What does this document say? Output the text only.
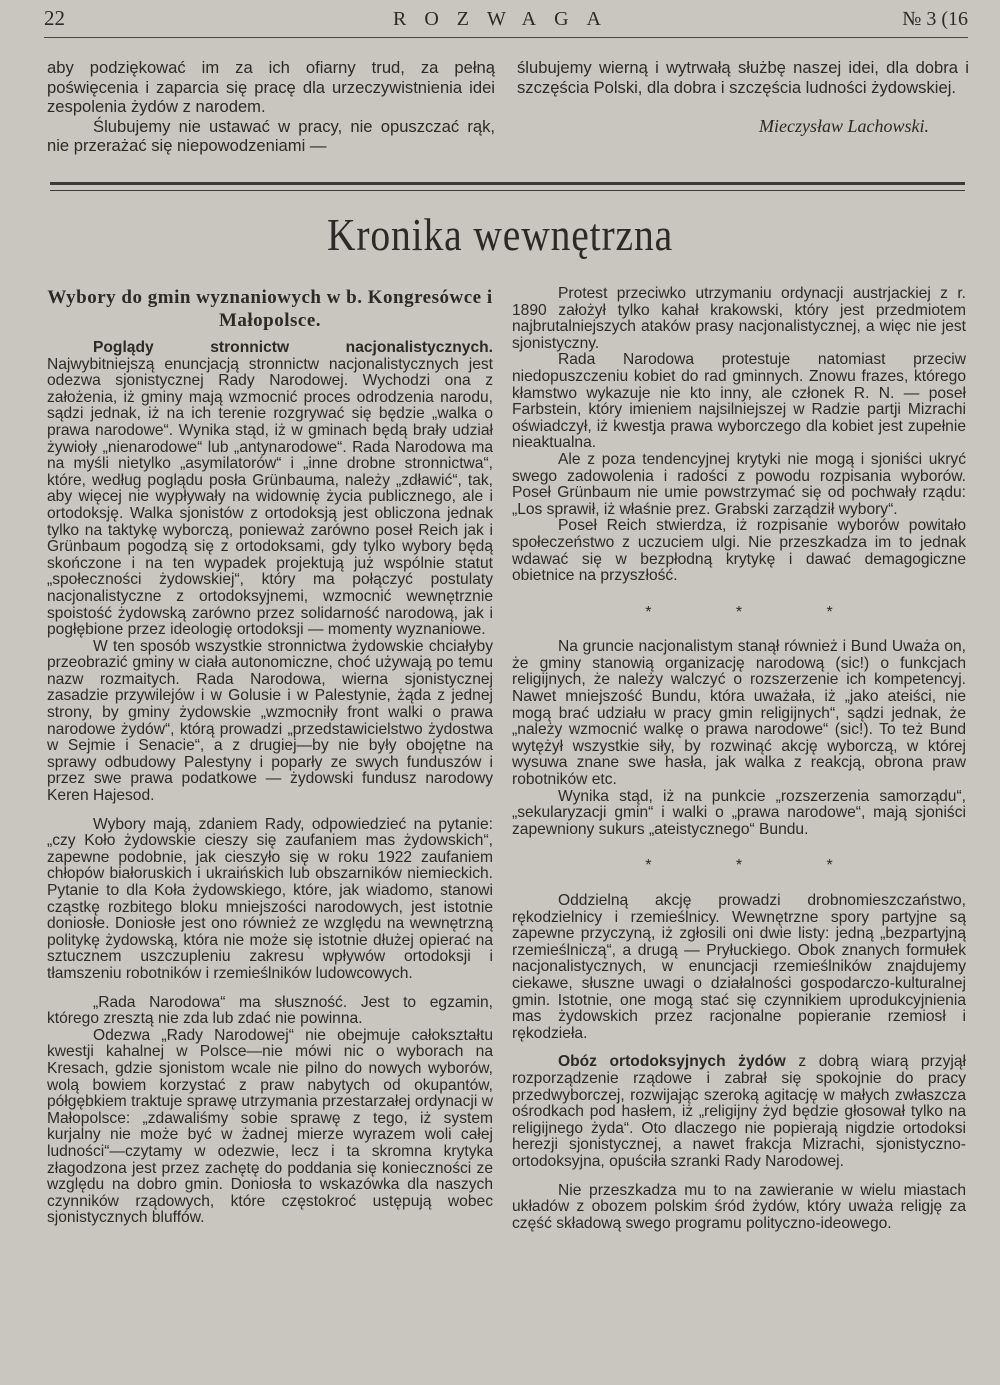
22	ROZWAGA	№ 3 (16

aby podziękować im za ich ofiarny trud, za pełną poświęcenia i zaparcia się pracę dla urzeczywistnienia idei zespolenia żydów z narodem.

Ślubujemy nie ustawać w pracy, nie opuszczać rąk, nie przerażać się niepowodzeniami —

ślubujemy wierną i wytrwałą służbę naszej idei, dla dobra i szczęścia Polski, dla dobra i szczęścia ludności żydowskiej.

Mieczysław Lachowski.

Kronika wewnętrzna
Wybory do gmin wyznaniowych w b. Kongresówce i Małopolsce.

Poglądy stronnictw nacjonalistycznych. Najwybitniejszą enuncjacją stronnictw nacjonalistycznych jest odezwa sjonistycznej Rady Narodowej. Wychodzi ona z założenia, iż gminy mają wzmocnić proces odrodzenia narodu, sądzi jednak, iż na ich terenie rozgrywać się będzie „walka o prawa narodowe“. Wynika stąd, iż w gminach będą brały udział żywioły „nienarodowe“ lub „antynarodowe“. Rada Narodowa ma na myśli nietylko „asymilatorów“ i „inne drobne stronnictwa“, które, według poglądu posła Grünbauma, należy „zdławić“, tak, aby więcej nie wypływały na widownię życia publicznego, ale i ortodoksję. Walka sjonistów z ortodoksją jest obliczona jednak tylko na taktykę wyborczą, ponieważ zarówno poseł Reich jak i Grünbaum pogodzą się z ortodoksami, gdy tylko wybory będą skończone i na ten wypadek projektują już wspólnie statut „społeczności żydowskiej“, który ma połączyć postulaty nacjonalistyczne z ortodoksyjnemi, wzmocnić wewnętrznie spoistość żydowską zarówno przez solidarność narodową, jak i pogłębione przez ideologię ortodoksji — momenty wyznaniowe.

W ten sposób wszystkie stronnictwa żydowskie chciałyby przeobrazić gminy w ciała autonomiczne, choć używają po temu nazw rozmaitych. Rada Narodowa, wierna sjonistycznej zasadzie przywilejów i w Golusie i w Palestynie, żąda z jednej strony, by gminy żydowskie „wzmocniły front walki o prawa narodowe żydów“, którą prowadzi „przedstawicielstwo żydostwa w Sejmie i Senacie“, a z drugiej—by nie były obojętne na sprawy odbudowy Palestyny i poparły ze swych funduszów i przez swe prawa podatkowe — żydowski fundusz narodowy Keren Hajesod.

Wybory mają, zdaniem Rady, odpowiedzieć na pytanie: „czy Koło żydowskie cieszy się zaufaniem mas żydowskich“, zapewne podobnie, jak cieszyło się w roku 1922 zaufaniem chłopów białoruskich i ukraińskich lub obszarników niemieckich. Pytanie to dla Koła żydowskiego, które, jak wiadomo, stanowi cząstkę rozbitego bloku mniejszości narodowych, jest istotnie doniosłe. Doniosłe jest ono również ze względu na wewnętrzną politykę żydowską, która nie może się istotnie dłużej opierać na sztucznem uszczupleniu zakresu wpływów ortodoksji i tłamszeniu robotników i rzemieślników ludowcowych.

„Rada Narodowa“ ma słuszność. Jest to egzamin, którego zresztą nie zda lub zdać nie powinna.

Odezwa „Rady Narodowej“ nie obejmuje całokształtu kwestji kahalnej w Polsce—nie mówi nic o wyborach na Kresach, gdzie sjonistom wcale nie pilno do nowych wyborów, wolą bowiem korzystać z praw nabytych od okupantów, półgębkiem traktuje sprawę utrzymania przestarzałej ordynacji w Małopolsce: „zdawaliśmy sobie sprawę z tego, iż system kurjalny nie może być w żadnej mierze wyrazem woli całej ludności“—czytamy w odezwie, lecz i ta skromna krytyka złagodzona jest przez zachętę do poddania się konieczności ze względu na dobro gmin. Doniosła to wskazówka dla naszych czynników rządowych, które częstokroć ustępują wobec sjonistycznych bluffów.

Protest przeciwko utrzymaniu ordynacji austrjackiej z r. 1890 założył tylko kahał krakowski, który jest przedmiotem najbrutalniejszych ataków prasy nacjonalistycznej, a więc nie jest sjonistyczny.

Rada Narodowa protestuje natomiast przeciw niedopuszczeniu kobiet do rad gminnych. Znowu frazes, którego kłamstwo wykazuje nie kto inny, ale członek R. N. — poseł Farbstein, który imieniem najsilniejszej w Radzie partji Mizrachi oświadczył, iż kwestja prawa wyborczego dla kobiet jest zupełnie nieaktualna.

Ale z poza tendencyjnej krytyki nie mogą i sjoniści ukryć swego zadowolenia i radości z powodu rozpisania wyborów. Poseł Grünbaum nie umie powstrzymać się od pochwały rządu: „Los sprawił, iż właśnie prez. Grabski zarządził wybory“.

Poseł Reich stwierdza, iż rozpisanie wyborów powitało społeczeństwo z uczuciem ulgi. Nie przeszkadza im to jednak wdawać się w bezpłodną krytykę i dawać demagogiczne obietnice na przyszłość.

* * *

Na gruncie nacjonalistym stanął również i Bund Uważa on, że gminy stanowią organizację narodową (sic!) o funkcjach religijnych, że należy walczyć o rozszerzenie ich kompetencyj. Nawet mniejszość Bundu, która uważała, iż „jako ateiści, nie mogą brać udziału w pracy gmin religijnych“, sądzi jednak, że „należy wzmocnić walkę o prawa narodowe“ (sic!). To też Bund wytężył wszystkie siły, by rozwinąć akcję wyborczą, w której wysuwa znane swe hasła, jak walka z reakcją, obrona praw robotników etc.

Wynika stąd, iż na punkcie „rozszerzenia samorządu“, „sekularyzacji gmin“ i walki o „prawa narodowe“, mają sjoniści zapewniony sukurs „ateistycznego“ Bundu.

* * *

Oddzielną akcję prowadzi drobnomieszczaństwo, rękodzielnicy i rzemieślnicy. Wewnętrzne spory partyjne są zapewne przyczyną, iż zgłosili oni dwie listy: jedną „bezpartyjną rzemieślniczą“, a drugą — Pryłuckiego. Obok znanych formułek nacjonalistycznych, w enuncjacji rzemieślników znajdujemy ciekawe, słuszne uwagi o działalności gospodarczo-kulturalnej gmin. Istotnie, one mogą stać się czynnikiem uprodukcyjnienia mas żydowskich przez racjonalne popieranie rzemiosł i rękodzieła.

Obóz ortodoksyjnych żydów z dobrą wiarą przyjął rozporządzenie rządowe i zabrał się spokojnie do pracy przedwyborczej, rozwijając szeroką agitację w małych zwłaszcza ośrodkach pod hasłem, iż „religijny żyd będzie głosował tylko na religijnego żyda“. Oto dlaczego nie popierają nigdzie ortodoksi herezji sjonistycznej, a nawet frakcja Mizrachi, sjonistyczno-ortodoksyjna, opuściła szranki Rady Narodowej.

Nie przeszkadza mu to na zawieranie w wielu miastach układów z obozem polskim śród żydów, który uważa religję za część składową swego programu polityczno-ideowego.
